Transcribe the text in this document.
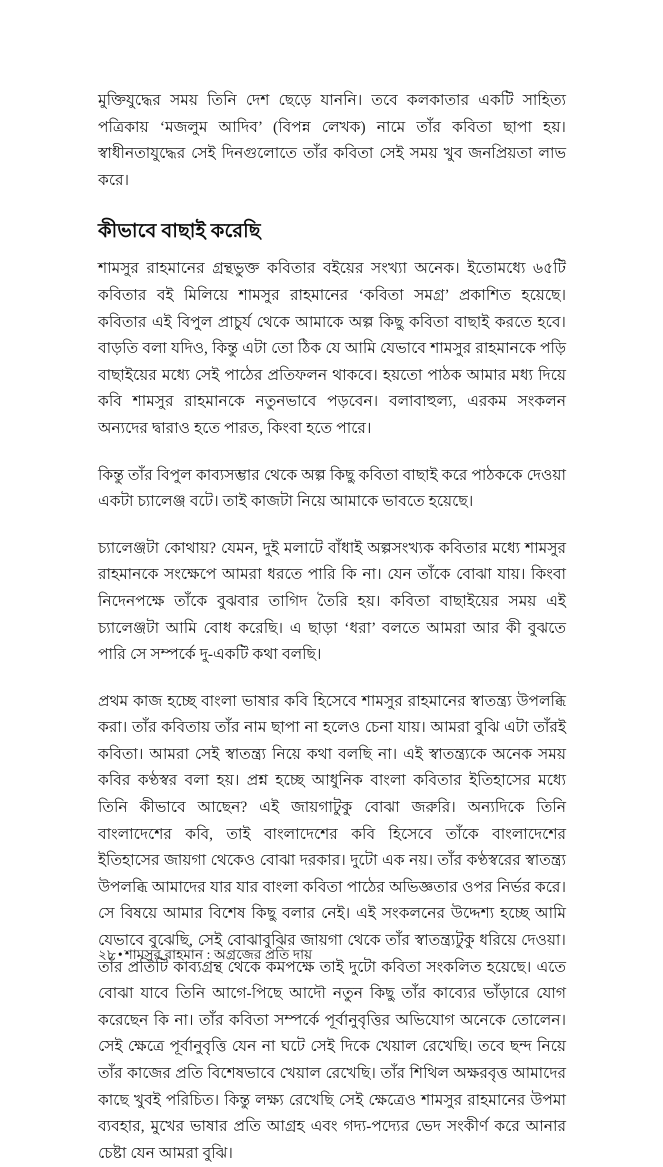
মুক্তিযুদ্ধের সময় তিনি দেশ ছেড়ে যাননি। তবে কলকাতার একটি সাহিত্য পত্রিকায় ‘মজলুম আদিব’ (বিপন্ন লেখক) নামে তাঁর কবিতা ছাপা হয়। স্বাধীনতাযুদ্ধের সেই দিনগুলোতে তাঁর কবিতা সেই সময় খুব জনপ্রিয়তা লাভ করে।

কীভাবে বাছাই করেছি

শামসুর রাহমানের গ্রন্থভুক্ত কবিতার বইয়ের সংখ্যা অনেক। ইতোমধ্যে ৬৫টি কবিতার বই মিলিয়ে শামসুর রাহমানের ‘কবিতা সমগ্র’ প্রকাশিত হয়েছে। কবিতার এই বিপুল প্রাচুর্য থেকে আমাকে অল্প কিছু কবিতা বাছাই করতে হবে। বাড়তি বলা যদিও, কিন্তু এটা তো ঠিক যে আমি যেভাবে শামসুর রাহমানকে পড়ি বাছাইয়ের মধ্যে সেই পাঠের প্রতিফলন থাকবে। হয়তো পাঠক আমার মধ্য দিয়ে কবি শামসুর রাহমানকে নতুনভাবে পড়বেন। বলাবাহুল্য, এরকম সংকলন অন্যদের দ্বারাও হতে পারত, কিংবা হতে পারে।

কিন্তু তাঁর বিপুল কাব্যসম্ভার থেকে অল্প কিছু কবিতা বাছাই করে পাঠককে দেওয়া একটা চ্যালেঞ্জ বটে। তাই কাজটা নিয়ে আমাকে ভাবতে হয়েছে।

চ্যালেঞ্জটা কোথায়? যেমন, দুই মলাটে বাঁধাই অল্পসংখ্যক কবিতার মধ্যে শামসুর রাহমানকে সংক্ষেপে আমরা ধরতে পারি কি না। যেন তাঁকে বোঝা যায়। কিংবা নিদেনপক্ষে তাঁকে বুঝবার তাগিদ তৈরি হয়। কবিতা বাছাইয়ের সময় এই চ্যালেঞ্জটা আমি বোধ করেছি। এ ছাড়া ‘ধরা’ বলতে আমরা আর কী বুঝতে পারি সে সম্পর্কে দু-একটি কথা বলছি।

প্রথম কাজ হচ্ছে বাংলা ভাষার কবি হিসেবে শামসুর রাহমানের স্বাতন্ত্র্য উপলব্ধি করা। তাঁর কবিতায় তাঁর নাম ছাপা না হলেও চেনা যায়। আমরা বুঝি এটা তাঁরই কবিতা। আমরা সেই স্বাতন্ত্র্য নিয়ে কথা বলছি না। এই স্বাতন্ত্র্যকে অনেক সময় কবির কণ্ঠস্বর বলা হয়। প্রশ্ন হচ্ছে আধুনিক বাংলা কবিতার ইতিহাসের মধ্যে তিনি কীভাবে আছেন? এই জায়গাটুকু বোঝা জরুরি। অন্যদিকে তিনি বাংলাদেশের কবি, তাই বাংলাদেশের কবি হিসেবে তাঁকে বাংলাদেশের ইতিহাসের জায়গা থেকেও বোঝা দরকার। দুটো এক নয়। তাঁর কণ্ঠস্বরের স্বাতন্ত্র্য উপলব্ধি আমাদের যার যার বাংলা কবিতা পাঠের অভিজ্ঞতার ওপর নির্ভর করে। সে বিষয়ে আমার বিশেষ কিছু বলার নেই। এই সংকলনের উদ্দেশ্য হচ্ছে আমি যেভাবে বুঝেছি, সেই বোঝাবুঝির জায়গা থেকে তাঁর স্বাতন্ত্র্যটুকু ধরিয়ে দেওয়া। তাঁর প্রতিটি কাব্যগ্রন্থ থেকে কমপক্ষে তাই দুটো কবিতা সংকলিত হয়েছে। এতে বোঝা যাবে তিনি আগে-পিছে আদৌ নতুন কিছু তাঁর কাব্যের ভাঁড়ারে যোগ করেছেন কি না। তাঁর কবিতা সম্পর্কে পূর্বানুবৃত্তির অভিযোগ অনেকে তোলেন। সেই ক্ষেত্রে পূর্বানুবৃত্তি যেন না ঘটে সেই দিকে খেয়াল রেখেছি। তবে ছন্দ নিয়ে তাঁর কাজের প্রতি বিশেষভাবে খেয়াল রেখেছি। তাঁর শিথিল অক্ষরবৃত্ত আমাদের কাছে খুবই পরিচিত। কিন্তু লক্ষ্য রেখেছি সেই ক্ষেত্রেও শামসুর রাহমানের উপমা ব্যবহার, মুখের ভাষার প্রতি আগ্রহ এবং গদ্য-পদ্যের ভেদ সংকীর্ণ করে আনার চেষ্টা যেন আমরা বুঝি।

২৮ • শামসুর রাহমান : অগ্রজের প্রতি দায়
